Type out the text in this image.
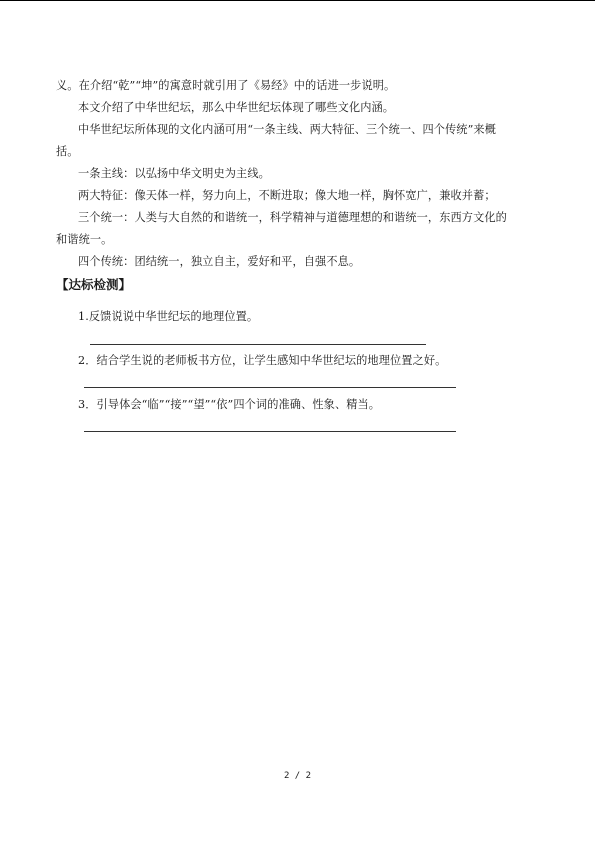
义。在介绍“乾”“坤”的寓意时就引用了《易经》中的话进一步说明。
本文介绍了中华世纪坛，那么中华世纪坛体现了哪些文化内涵。
中华世纪坛所体现的文化内涵可用“一条主线、两大特征、三个统一、四个传统”来概
括。
一条主线：以弘扬中华文明史为主线。
两大特征：像天体一样，努力向上，不断进取；像大地一样，胸怀宽广，兼收并蓄；
三个统一：人类与大自然的和谐统一，科学精神与道德理想的和谐统一，东西方文化的
和谐统一。
四个传统：团结统一，独立自主，爱好和平，自强不息。
【达标检测】
1.反馈说说中华世纪坛的地理位置。
2．结合学生说的老师板书方位，让学生感知中华世纪坛的地理位置之好。
3．引导体会“临”“接”“望”“依”四个词的准确、性象、精当。
2 / 2
